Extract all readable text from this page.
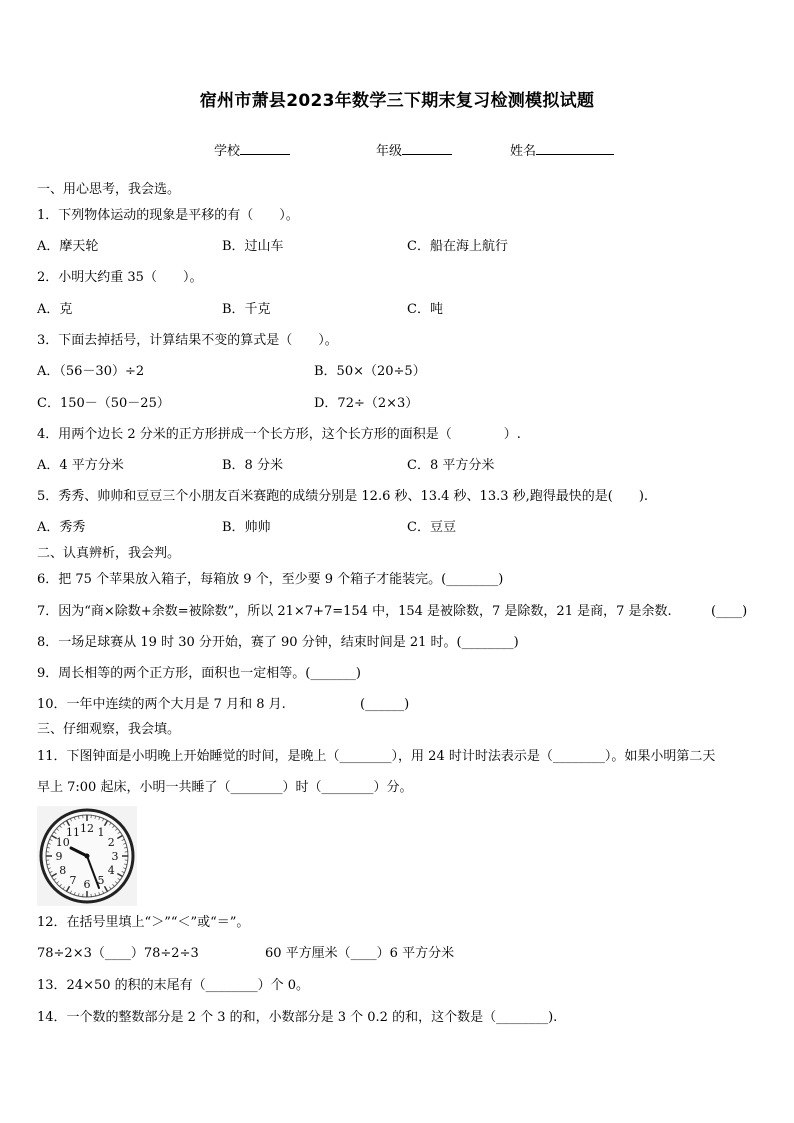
宿州市萧县2023年数学三下期末复习检测模拟试题
学校	年级	姓名
一、用心思考，我会选。
1．下列物体运动的现象是平移的有（　　）。
A．摩天轮	B．过山车	C．船在海上航行
2．小明大约重 35（　　）。
A．克	B．千克	C．吨
3．下面去掉括号，计算结果不变的算式是（　　）。
A．（56－30）÷2	B．50×（20÷5）
C．150－（50－25）	D．72÷（2×3）
4．用两个边长 2 分米的正方形拼成一个长方形，这个长方形的面积是（　　　　）.
A．4 平方分米	B．8 分米	C．8 平方分米
5．秀秀、帅帅和豆豆三个小朋友百米赛跑的成绩分别是 12.6 秒、13.4 秒、13.3 秒,跑得最快的是(　　).
A．秀秀	B．帅帅	C．豆豆
二、认真辨析，我会判。
6．把 75 个苹果放入箱子，每箱放 9 个，至少要 9 个箱子才能装完。(________)
7．因为“商×除数+余数=被除数”，所以 21×7+7=154 中，154 是被除数，7 是除数，21 是商，7 是余数.	(____)
8．一场足球赛从 19 时 30 分开始，赛了 90 分钟，结束时间是 21 时。(________)
9．周长相等的两个正方形，面积也一定相等。(_______)
10．一年中连续的两个大月是 7 月和 8 月.	(______)
三、仔细观察，我会填。
11．下图钟面是小明晚上开始睡觉的时间，是晚上（________），用 24 时计时法表示是（________）。如果小明第二天
早上 7:00 起床，小明一共睡了（________）时（________）分。
12 1
2
3
4
5
6
7
8
9
10
11
12．在括号里填上“＞”“＜”或“＝”。
78÷2×3（____）78÷2÷3	60 平方厘米（____）6 平方分米
13．24×50 的积的末尾有（________）个 0。
14．一个数的整数部分是 2 个 3 的和，小数部分是 3 个 0.2 的和，这个数是（________).
